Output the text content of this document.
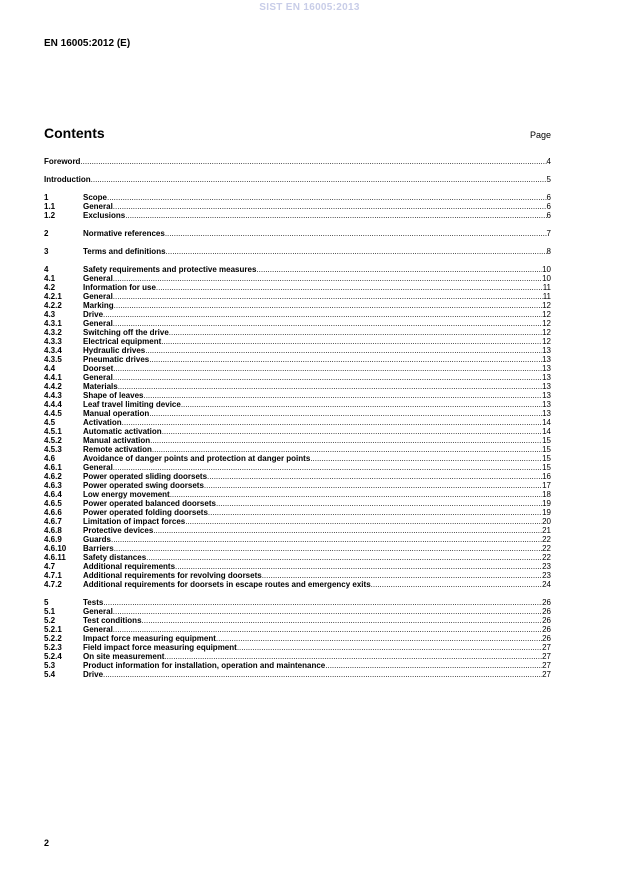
SIST EN 16005:2013
EN 16005:2012 (E)
Contents	Page
Foreword .....	4
Introduction .....	5
1	Scope .....	6
1.1	General .....	6
1.2	Exclusions .....	6
2	Normative references .....	7
3	Terms and definitions .....	8
4	Safety requirements and protective measures .....	10
4.1	General .....	10
4.2	Information for use .....	11
4.2.1	General .....	11
4.2.2	Marking .....	12
4.3	Drive .....	12
4.3.1	General .....	12
4.3.2	Switching off the drive .....	12
4.3.3	Electrical equipment .....	12
4.3.4	Hydraulic drives .....	13
4.3.5	Pneumatic drives .....	13
4.4	Doorset .....	13
4.4.1	General .....	13
4.4.2	Materials .....	13
4.4.3	Shape of leaves .....	13
4.4.4	Leaf travel limiting device .....	13
4.4.5	Manual operation .....	13
4.5	Activation .....	14
4.5.1	Automatic activation .....	14
4.5.2	Manual activation .....	15
4.5.3	Remote activation .....	15
4.6	Avoidance of danger points and protection at danger points .....	15
4.6.1	General .....	15
4.6.2	Power operated sliding doorsets .....	16
4.6.3	Power operated swing doorsets .....	17
4.6.4	Low energy movement .....	18
4.6.5	Power operated balanced doorsets .....	19
4.6.6	Power operated folding doorsets .....	19
4.6.7	Limitation of impact forces .....	20
4.6.8	Protective devices .....	21
4.6.9	Guards .....	22
4.6.10	Barriers .....	22
4.6.11	Safety distances .....	22
4.7	Additional requirements .....	23
4.7.1	Additional requirements for revolving doorsets .....	23
4.7.2	Additional requirements for doorsets in escape routes and emergency exits .....	24
5	Tests .....	26
5.1	General .....	26
5.2	Test conditions .....	26
5.2.1	General .....	26
5.2.2	Impact force measuring equipment .....	26
5.2.3	Field impact force measuring equipment .....	27
5.2.4	On site measurement .....	27
5.3	Product information for installation, operation and maintenance .....	27
5.4	Drive .....	27
2
